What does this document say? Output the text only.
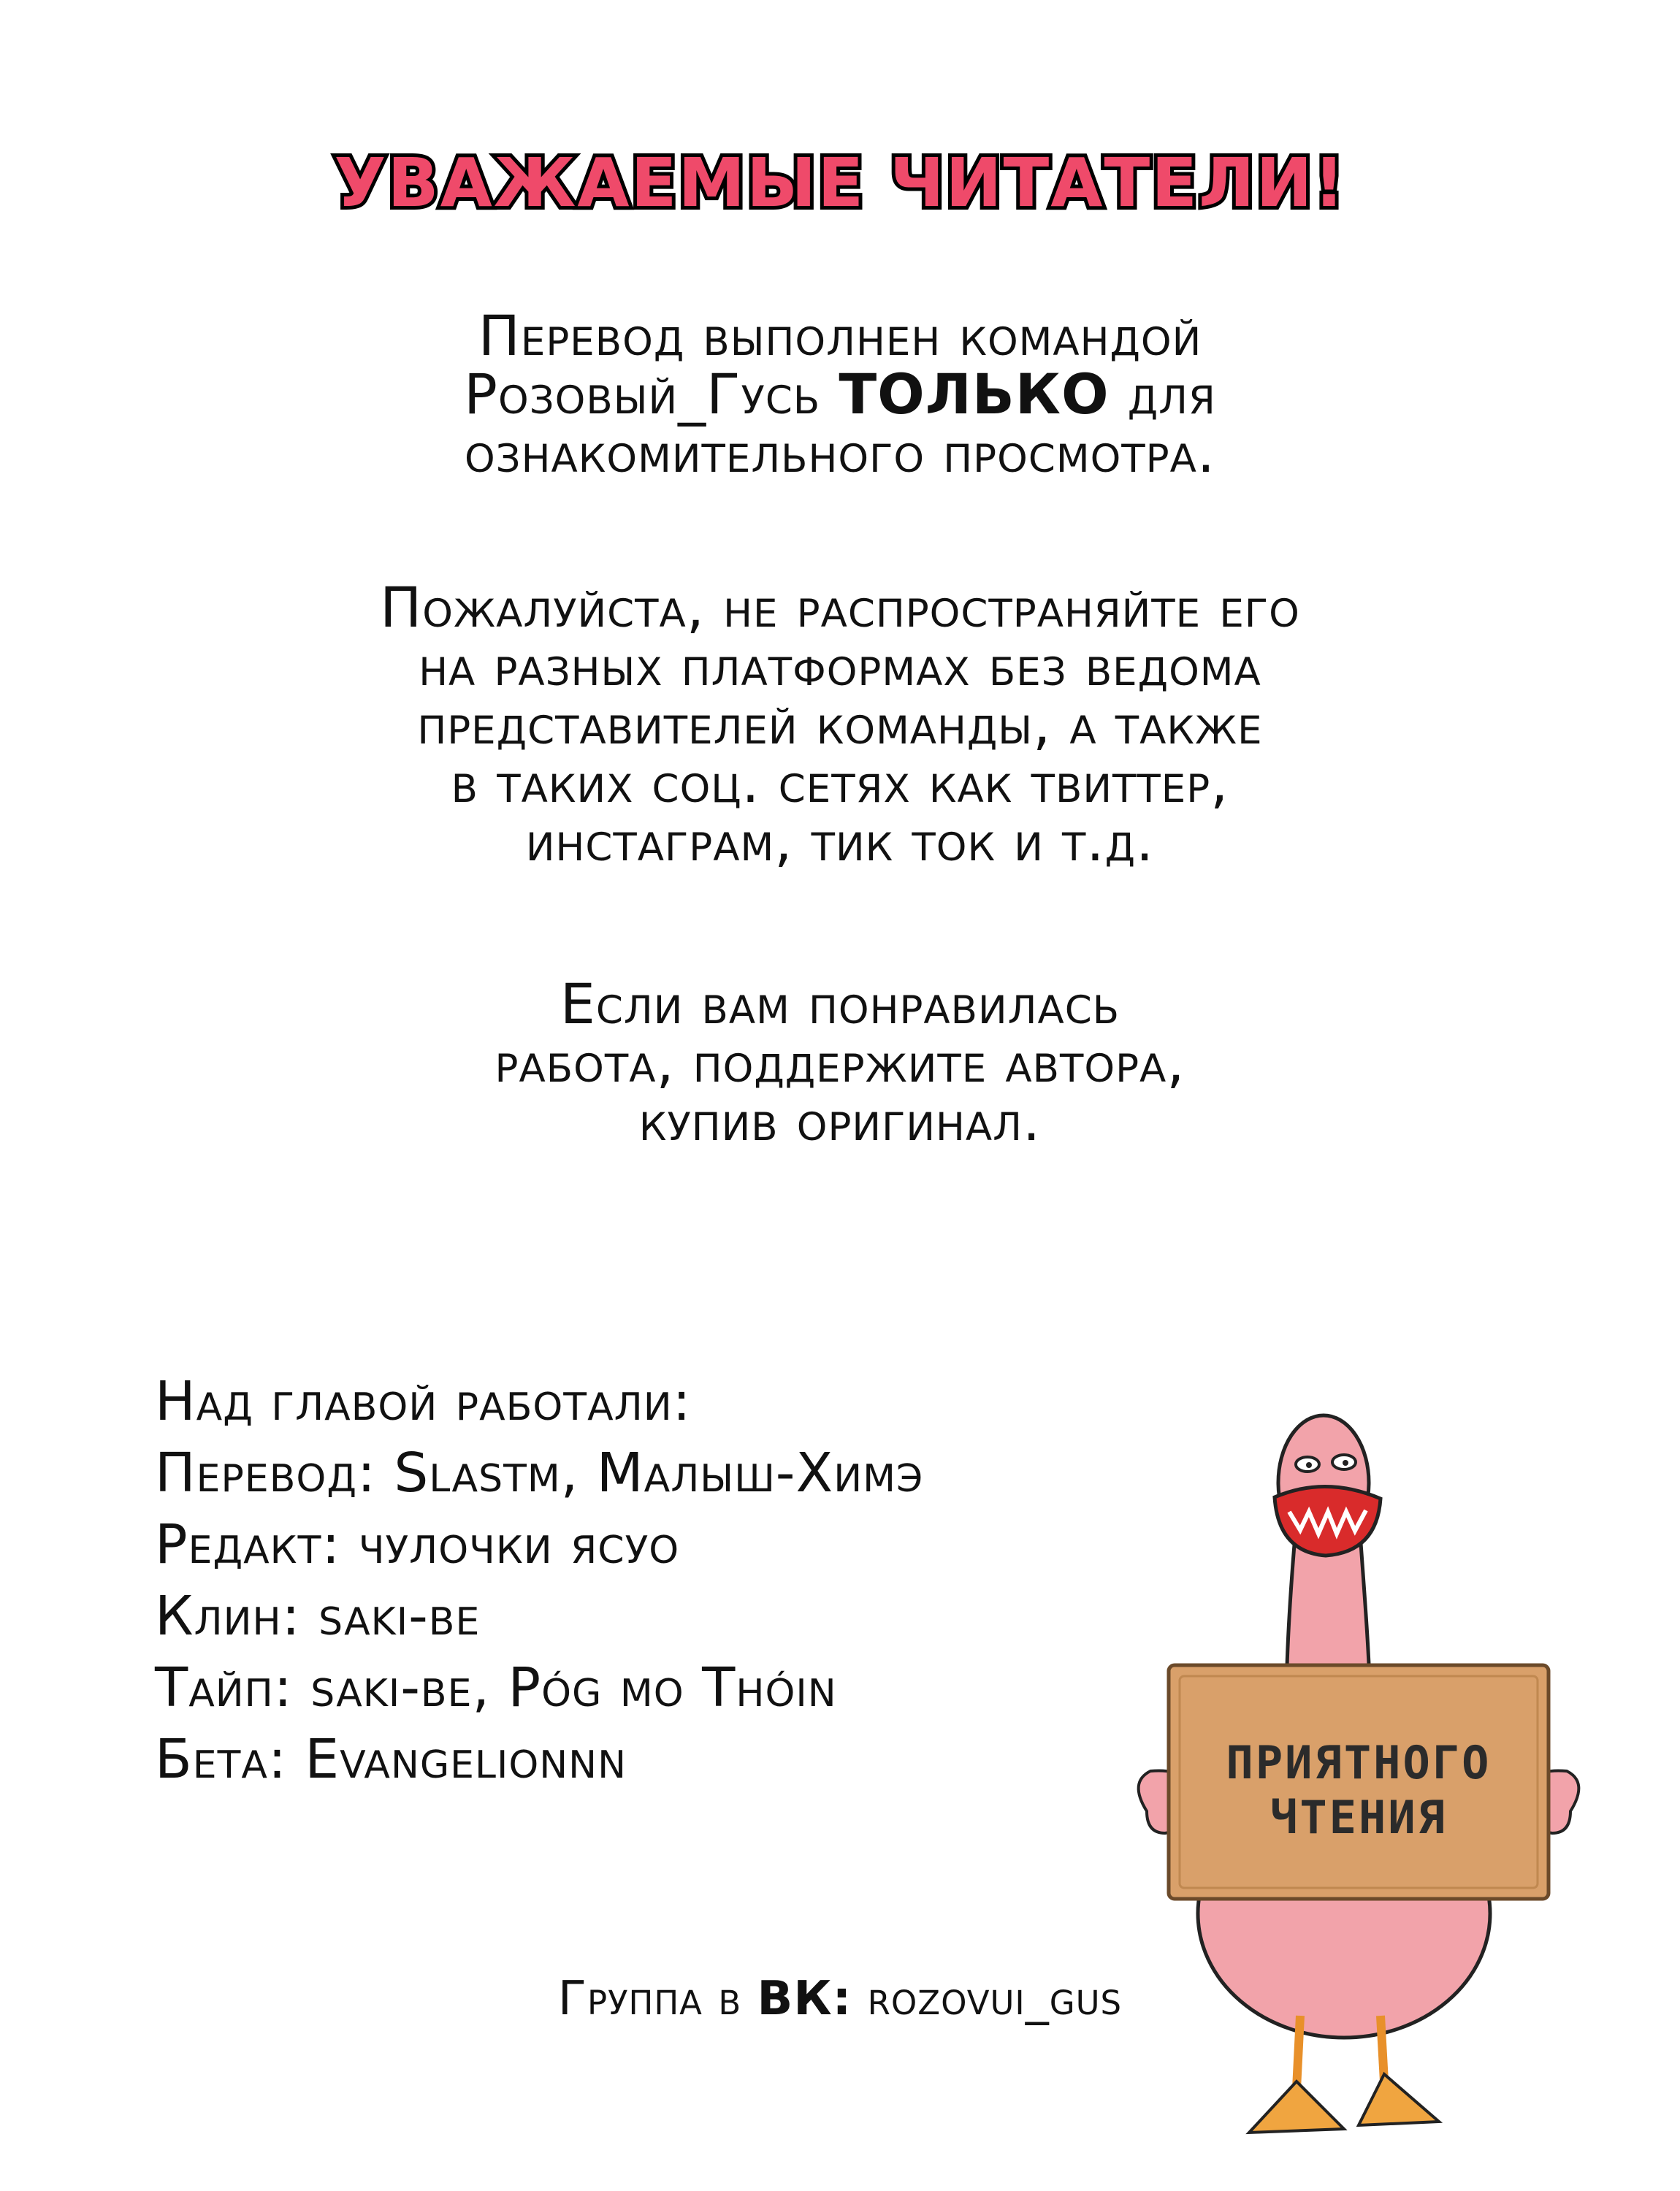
УВАЖАЕМЫЕ ЧИТАТЕЛИ!
Перевод выполнен командой
Розовый_Гусь ТОЛЬКО для
ознакомительного просмотра.
Пожалуйста, не распространяйте его
на разных платформах без ведома
представителей команды, а также
в таких соц. сетях как твиттер,
инстаграм, тик ток и т.д.
Если вам понравилась
работа, поддержите автора,
купив оригинал.
Над главой работали:
Перевод: Slastm, Малыш-Химэ
Редакт: чулочки ясуо
Клин: saki-be
Тайп: saki-be, Póg mo Thóin
Бета: Evangelionnn	ПРИЯТНОГО
ЧТЕНИЯ
Группа в ВК: rozovui_gus
